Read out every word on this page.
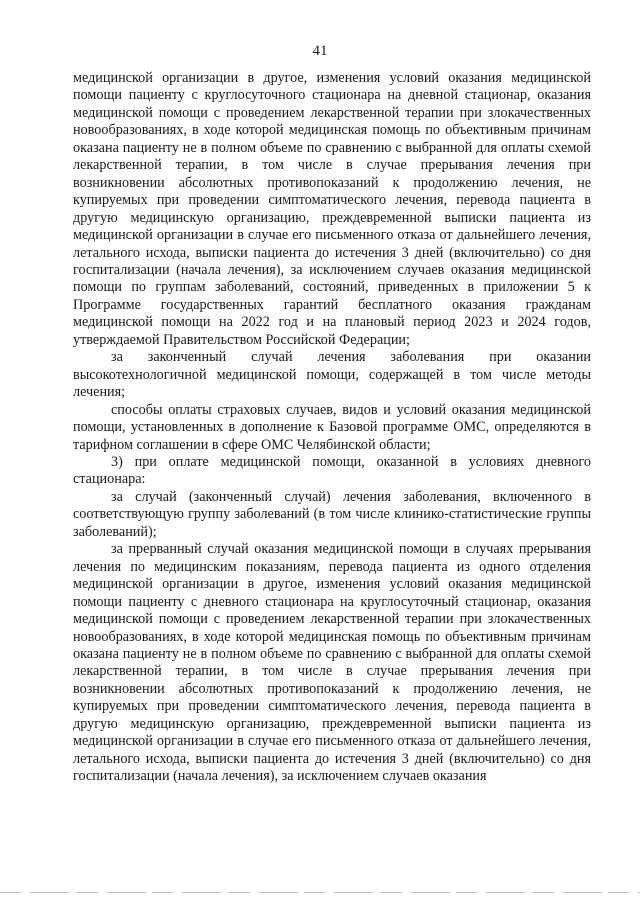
41

медицинской организации в другое, изменения условий оказания медицинской помощи пациенту с круглосуточного стационара на дневной стационар, оказания медицинской помощи с проведением лекарственной терапии при злокачественных новообразованиях, в ходе которой медицинская помощь по объективным причинам оказана пациенту не в полном объеме по сравнению с выбранной для оплаты схемой лекарственной терапии, в том числе в случае прерывания лечения при возникновении абсолютных противопоказаний к продолжению лечения, не купируемых при проведении симптоматического лечения, перевода пациента в другую медицинскую организацию, преждевременной выписки пациента из медицинской организации в случае его письменного отказа от дальнейшего лечения, летального исхода, выписки пациента до истечения 3 дней (включительно) со дня госпитализации (начала лечения), за исключением случаев оказания медицинской помощи по группам заболеваний, состояний, приведенных в приложении 5 к Программе государственных гарантий бесплатного оказания гражданам медицинской помощи на 2022 год и на плановый период 2023 и 2024 годов, утверждаемой Правительством Российской Федерации;

за законченный случай лечения заболевания при оказании высокотехнологичной медицинской помощи, содержащей в том числе методы лечения;

способы оплаты страховых случаев, видов и условий оказания медицинской помощи, установленных в дополнение к Базовой программе ОМС, определяются в тарифном соглашении в сфере ОМС Челябинской области;

3) при оплате медицинской помощи, оказанной в условиях дневного стационара:

за случай (законченный случай) лечения заболевания, включенного в соответствующую группу заболеваний (в том числе клинико-статистические группы заболеваний);

за прерванный случай оказания медицинской помощи в случаях прерывания лечения по медицинским показаниям, перевода пациента из одного отделения медицинской организации в другое, изменения условий оказания медицинской помощи пациенту с дневного стационара на круглосуточный стационар, оказания медицинской помощи с проведением лекарственной терапии при злокачественных новообразованиях, в ходе которой медицинская помощь по объективным причинам оказана пациенту не в полном объеме по сравнению с выбранной для оплаты схемой лекарственной терапии, в том числе в случае прерывания лечения при возникновении абсолютных противопоказаний к продолжению лечения, не купируемых при проведении симптоматического лечения, перевода пациента в другую медицинскую организацию, преждевременной выписки пациента из медицинской организации в случае его письменного отказа от дальнейшего лечения, летального исхода, выписки пациента до истечения 3 дней (включительно) со дня госпитализации (начала лечения), за исключением случаев оказания
